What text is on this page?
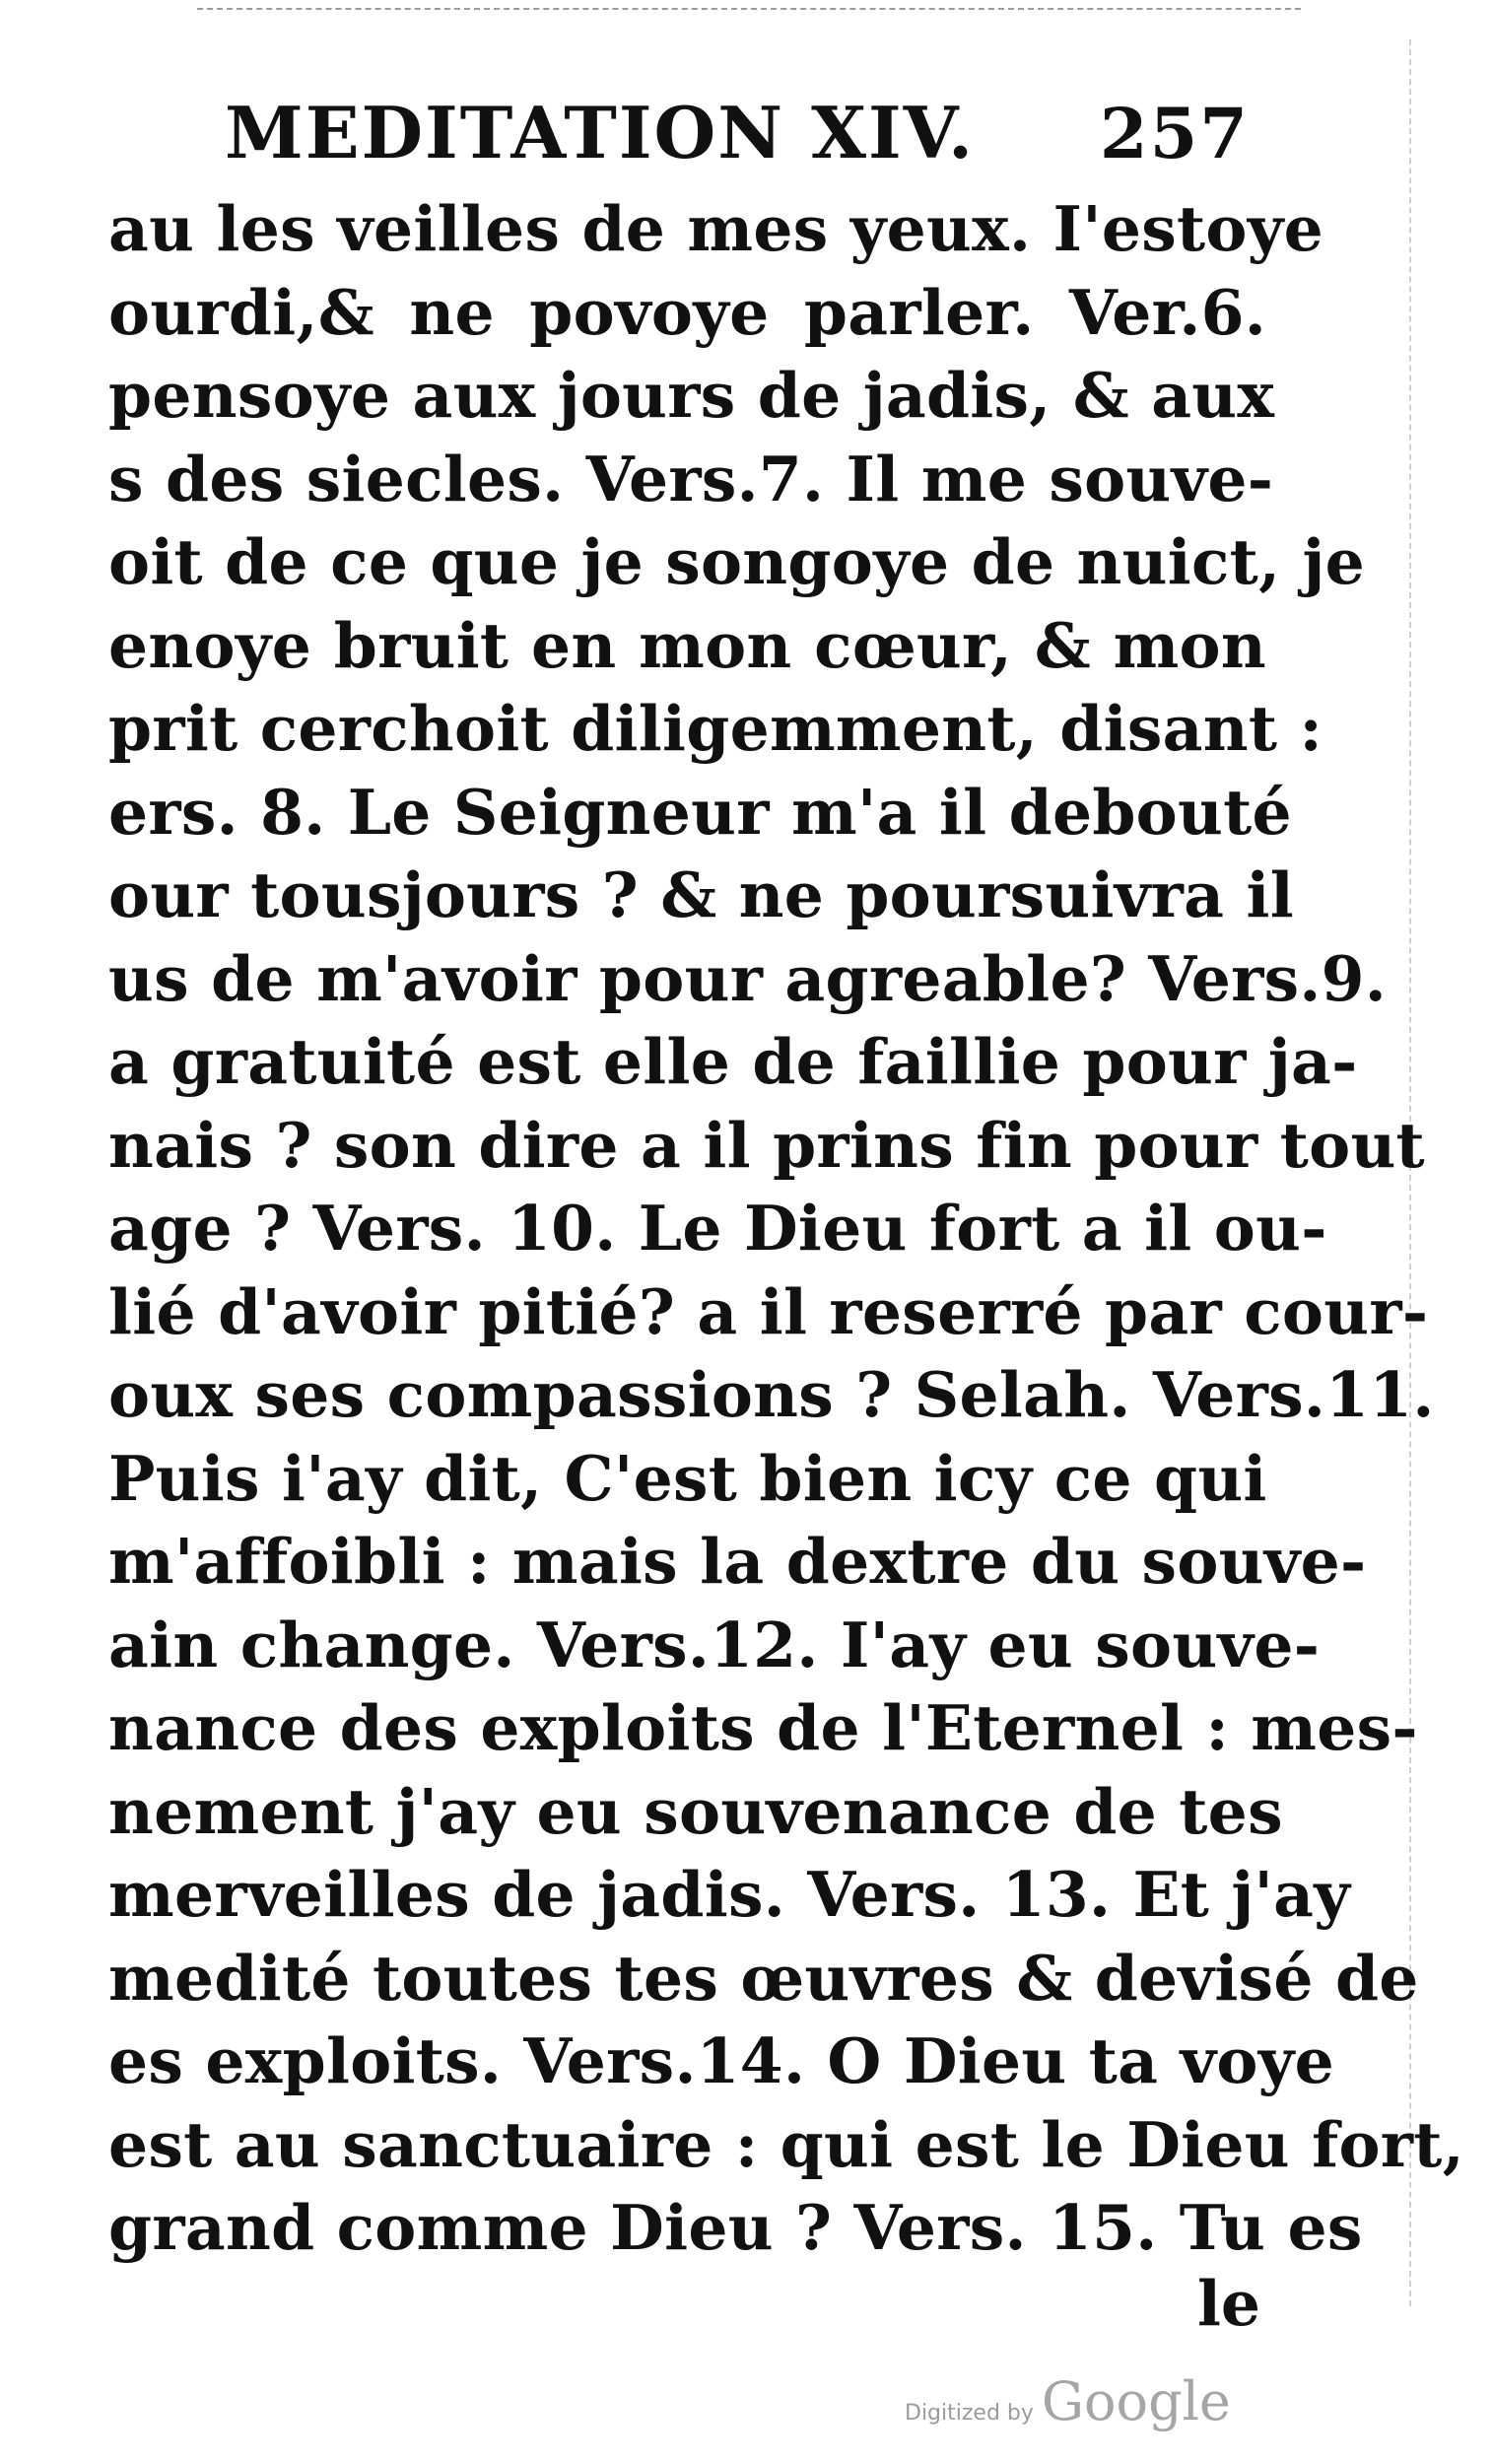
MEDITATION XIV. 257
au les veilles de mes yeux. I'estoye
ourdi,& ne povoye parler. Ver.6.
pensoye aux jours de jadis, & aux
s des siecles. Vers.7. Il me souve-
oit de ce que je songoye de nuict, je
enoye bruit en mon cœur, & mon
prit cerchoit diligemment, disant :
ers. 8. Le Seigneur m'a il debouté
our tousjours ? & ne poursuivra il
us de m'avoir pour agreable? Vers.9.
a gratuité est elle de faillie pour ja-
nais ? son dire a il prins fin pour tout
age ? Vers. 10. Le Dieu fort a il ou-
lié d'avoir pitié? a il reserré par cour-
oux ses compassions ? Selah. Vers.11.
Puis i'ay dit, C'est bien icy ce qui
m'affoibli : mais la dextre du souve-
ain change. Vers.12. I'ay eu souve-
nance des exploits de l'Eternel : mes-
nement j'ay eu souvenance de tes
merveilles de jadis. Vers. 13. Et j'ay
medité toutes tes œuvres & devisé de
es exploits. Vers.14. O Dieu ta voye
est au sanctuaire : qui est le Dieu fort,
grand comme Dieu ? Vers. 15. Tu es
le
Digitized by Google
